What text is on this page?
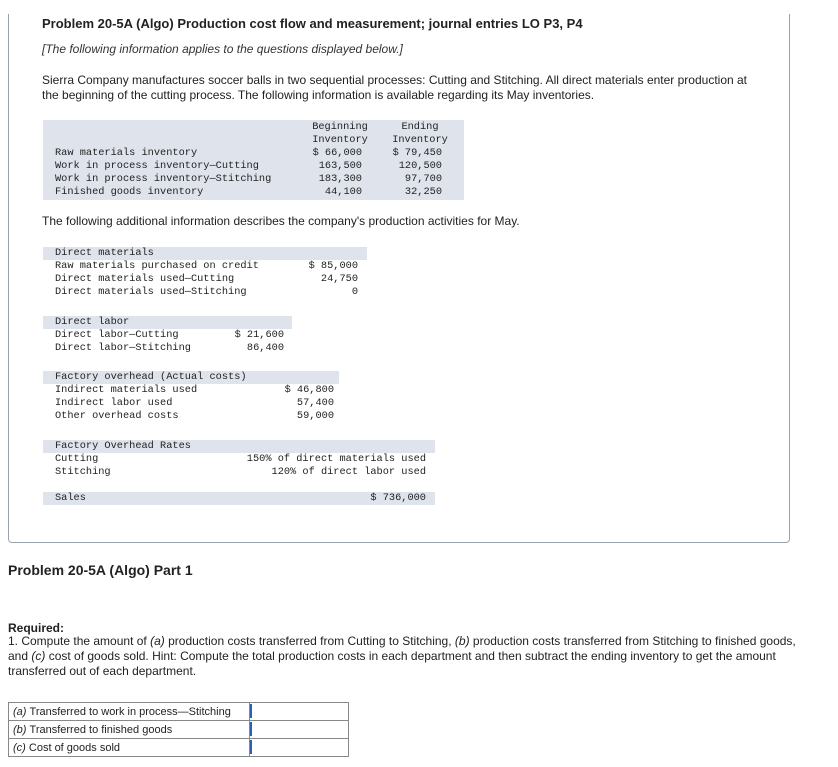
Problem 20-5A (Algo) Production cost flow and measurement; journal entries LO P3, P4
[The following information applies to the questions displayed below.]
Sierra Company manufactures soccer balls in two sequential processes: Cutting and Stitching. All direct materials enter production at the beginning of the cutting process. The following information is available regarding its May inventories.
Beginning
Inventory
Ending
Inventory
Raw materials inventory	$ 66,000	$ 79,450
Work in process inventory—Cutting	163,500	120,500
Work in process inventory—Stitching	183,300	97,700
Finished goods inventory	44,100	32,250
The following additional information describes the company's production activities for May.
Direct materials
Raw materials purchased on credit	$ 85,000
Direct materials used—Cutting	24,750
Direct materials used—Stitching	0
Direct labor
Direct labor—Cutting	$ 21,600
Direct labor—Stitching	86,400
Factory overhead (Actual costs)
Indirect materials used	$ 46,800
Indirect labor used	57,400
Other overhead costs	59,000
Factory Overhead Rates
Cutting	150% of direct materials used
Stitching	120% of direct labor used
Sales	$ 736,000
Problem 20-5A (Algo) Part 1
Required:
1. Compute the amount of (a) production costs transferred from Cutting to Stitching, (b) production costs transferred from Stitching to finished goods, and (c) cost of goods sold. Hint: Compute the total production costs in each department and then subtract the ending inventory to get the amount transferred out of each department.
(a) Transferred to work in process—Stitching	
(b) Transferred to finished goods	
(c) Cost of goods sold	
